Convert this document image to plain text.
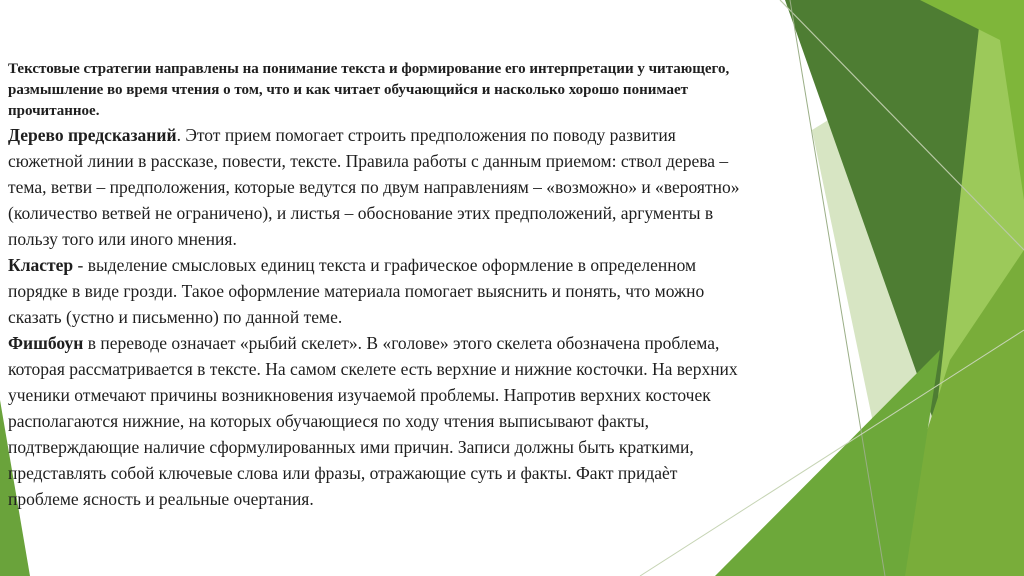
Текстовые стратегии направлены на понимание текста и формирование его интерпретации у читающего, размышление во время чтения о том, что и как читает обучающийся и насколько хорошо понимает прочитанное.

Дерево предсказаний. Этот прием помогает строить предположения по поводу развития сюжетной линии в рассказе, повести, тексте. Правила работы с данным приемом: ствол дерева – тема, ветви – предположения, которые ведутся по двум направлениям – «возможно» и «вероятно» (количество ветвей не ограничено), и листья – обоснование этих предположений, аргументы в пользу того или иного мнения.

Кластер - выделение смысловых единиц текста и графическое оформление в определенном порядке в виде грозди. Такое оформление материала помогает выяснить и понять, что можно сказать (устно и письменно) по данной теме.

Фишбоун в переводе означает «рыбий скелет». В «голове» этого скелета обозначена проблема, которая рассматривается в тексте. На самом скелете есть верхние и нижние косточки. На верхних ученики отмечают причины возникновения изучаемой проблемы. Напротив верхних косточек располагаются нижние, на которых обучающиеся по ходу чтения выписывают факты, подтверждающие наличие сформулированных ими причин. Записи должны быть краткими, представлять собой ключевые слова или фразы, отражающие суть и факты. Факт придаѐт проблеме ясность и реальные очертания.
